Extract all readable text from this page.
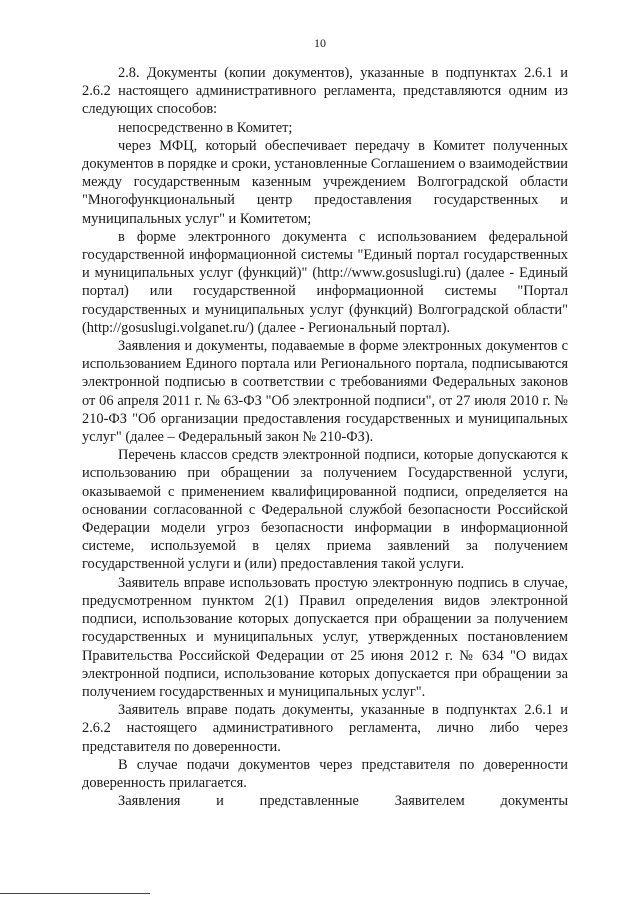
10

2.8. Документы (копии документов), указанные в подпунктах 2.6.1 и 2.6.2 настоящего административного регламента, представляются одним из следующих способов:

непосредственно в Комитет;

через МФЦ, который обеспечивает передачу в Комитет полученных документов в порядке и сроки, установленные Соглашением о взаимодействии между государственным казенным учреждением Волгоградской области "Многофункциональный центр предоставления государственных и муниципальных услуг" и Комитетом;

в форме электронного документа с использованием федеральной государственной информационной системы "Единый портал государственных и муниципальных услуг (функций)" (http://www.gosuslugi.ru) (далее - Единый портал) или государственной информационной системы "Портал государственных и муниципальных услуг (функций) Волгоградской области" (http://gosuslugi.volganet.ru/) (далее - Региональный портал).

Заявления и документы, подаваемые в форме электронных документов с использованием Единого портала или Регионального портала, подписываются электронной подписью в соответствии с требованиями Федеральных законов от 06 апреля 2011 г. № 63-ФЗ "Об электронной подписи", от 27 июля 2010 г. № 210-ФЗ "Об организации предоставления государственных и муниципальных услуг" (далее – Федеральный закон № 210-ФЗ).

Перечень классов средств электронной подписи, которые допускаются к использованию при обращении за получением Государственной услуги, оказываемой с применением квалифицированной подписи, определяется на основании согласованной с Федеральной службой безопасности Российской Федерации модели угроз безопасности информации в информационной системе, используемой в целях приема заявлений за получением государственной услуги и (или) предоставления такой услуги.

Заявитель вправе использовать простую электронную подпись в случае, предусмотренном пунктом 2(1) Правил определения видов электронной подписи, использование которых допускается при обращении за получением государственных и муниципальных услуг, утвержденных постановлением Правительства Российской Федерации от 25 июня 2012 г. № 634 "О видах электронной подписи, использование которых допускается при обращении за получением государственных и муниципальных услуг".

Заявитель вправе подать документы, указанные в подпунктах 2.6.1 и 2.6.2 настоящего административного регламента, лично либо через представителя по доверенности.

В случае подачи документов через представителя по доверенности доверенность прилагается.

Заявления и представленные Заявителем документы
